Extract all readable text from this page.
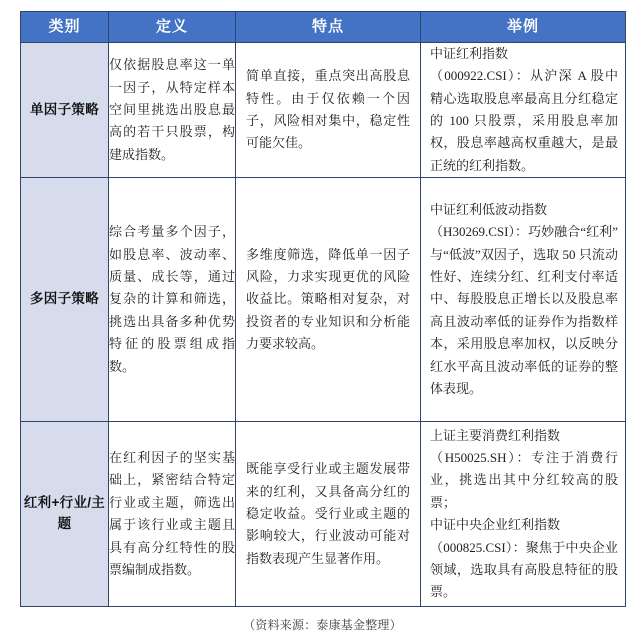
类别	定义	特点	举例
单因子策略	仅依据股息率这一单一因子，从特定样本空间里挑选出股息最高的若干只股票，构建成指数。	简单直接，重点突出高股息特性。由于仅依赖一个因子，风险相对集中，稳定性可能欠佳。	中证红利指数

（000922.CSI）：从沪深 A 股中精心选取股息率最高且分红稳定的 100 只股票，采用股息率加权，股息率越高权重越大，是最正统的红利指数。

多因子策略	综合考量多个因子，如股息率、波动率、质量、成长等，通过复杂的计算和筛选，挑选出具备多种优势特征的股票组成指数。	多维度筛选，降低单一因子风险，力求实现更优的风险收益比。策略相对复杂，对投资者的专业知识和分析能力要求较高。	中证红利低波动指数

（H30269.CSI）：巧妙融合“红利”与“低波”双因子，选取 50 只流动性好、连续分红、红利支付率适中、每股股息正增长以及股息率高且波动率低的证券作为指数样本，采用股息率加权，以反映分红水平高且波动率低的证券的整体表现。

红利+行业/主题	在红利因子的坚实基础上，紧密结合特定行业或主题，筛选出属于该行业或主题且具有高分红特性的股票编制成指数。	既能享受行业或主题发展带来的红利，又具备高分红的稳定收益。受行业或主题的影响较大，行业波动可能对指数表现产生显著作用。	上证主要消费红利指数

（H50025.SH）：专注于消费行业，挑选出其中分红较高的股票；

中证中央企业红利指数

（000825.CSI）：聚焦于中央企业领域，选取具有高股息特征的股票。

（资料来源：泰康基金整理）
